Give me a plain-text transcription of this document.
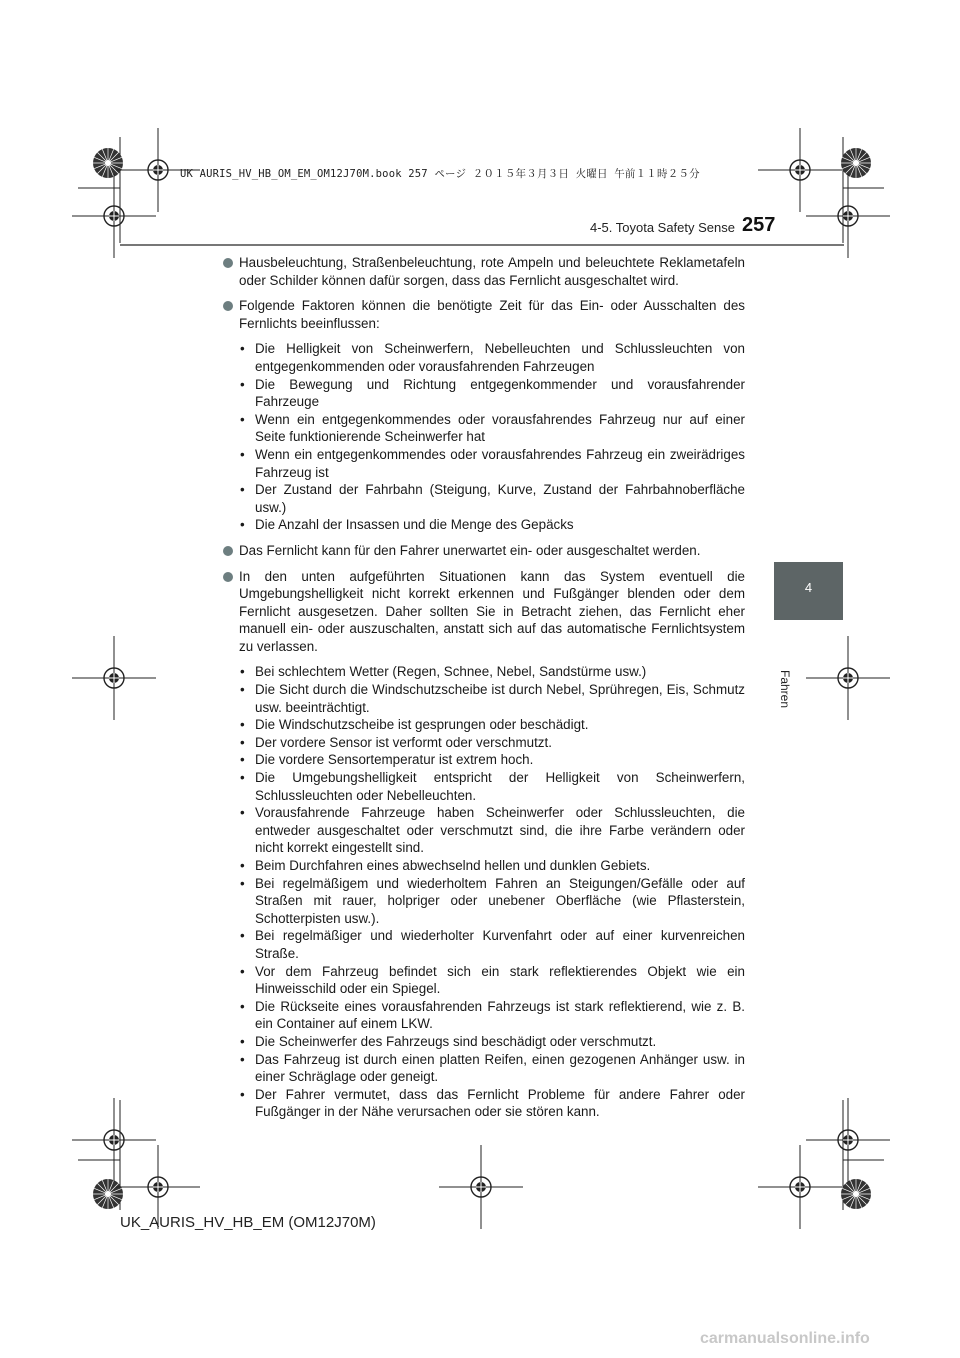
UK AURIS_HV_HB_OM_EM_OM12J70M.book 257 ページ ２０１５年３月３日 火曜日 午前１１時２５分
4-5. Toyota Safety Sense 257
4
Fahren
Hausbeleuchtung, Straßenbeleuchtung, rote Ampeln und beleuchtete Reklametafeln oder Schilder können dafür sorgen, dass das Fernlicht ausgeschaltet wird.
Folgende Faktoren können die benötigte Zeit für das Ein- oder Ausschalten des Fernlichts beeinflussen:
• Die Helligkeit von Scheinwerfern, Nebelleuchten und Schlussleuchten von entgegenkommenden oder vorausfahrenden Fahrzeugen
• Die Bewegung und Richtung entgegenkommender und vorausfahrender Fahrzeuge
• Wenn ein entgegenkommendes oder vorausfahrendes Fahrzeug nur auf einer Seite funktionierende Scheinwerfer hat
• Wenn ein entgegenkommendes oder vorausfahrendes Fahrzeug ein zweirädriges Fahrzeug ist
• Der Zustand der Fahrbahn (Steigung, Kurve, Zustand der Fahrbahnoberfläche usw.)
• Die Anzahl der Insassen und die Menge des Gepäcks
Das Fernlicht kann für den Fahrer unerwartet ein- oder ausgeschaltet werden.
In den unten aufgeführten Situationen kann das System eventuell die Umgebungshelligkeit nicht korrekt erkennen und Fußgänger blenden oder dem Fernlicht ausgesetzen. Daher sollten Sie in Betracht ziehen, das Fernlicht eher manuell ein- oder auszuschalten, anstatt sich auf das automatische Fernlichtsystem zu verlassen.
• Bei schlechtem Wetter (Regen, Schnee, Nebel, Sandstürme usw.)
• Die Sicht durch die Windschutzscheibe ist durch Nebel, Sprühregen, Eis, Schmutz usw. beeinträchtigt.
• Die Windschutzscheibe ist gesprungen oder beschädigt.
• Der vordere Sensor ist verformt oder verschmutzt.
• Die vordere Sensortemperatur ist extrem hoch.
• Die Umgebungshelligkeit entspricht der Helligkeit von Scheinwerfern, Schlussleuchten oder Nebelleuchten.
• Vorausfahrende Fahrzeuge haben Scheinwerfer oder Schlussleuchten, die entweder ausgeschaltet oder verschmutzt sind, die ihre Farbe verändern oder nicht korrekt eingestellt sind.
• Beim Durchfahren eines abwechselnd hellen und dunklen Gebiets.
• Bei regelmäßigem und wiederholtem Fahren an Steigungen/Gefälle oder auf Straßen mit rauer, holpriger oder unebener Oberfläche (wie Pflasterstein, Schotterpisten usw.).
• Bei regelmäßiger und wiederholter Kurvenfahrt oder auf einer kurvenreichen Straße.
• Vor dem Fahrzeug befindet sich ein stark reflektierendes Objekt wie ein Hinweisschild oder ein Spiegel.
• Die Rückseite eines vorausfahrenden Fahrzeugs ist stark reflektierend, wie z. B. ein Container auf einem LKW.
• Die Scheinwerfer des Fahrzeugs sind beschädigt oder verschmutzt.
• Das Fahrzeug ist durch einen platten Reifen, einen gezogenen Anhänger usw. in einer Schräglage oder geneigt.
• Der Fahrer vermutet, dass das Fernlicht Probleme für andere Fahrer oder Fußgänger in der Nähe verursachen oder sie stören kann.
UK_AURIS_HV_HB_EM (OM12J70M)
carmanualsonline.info
